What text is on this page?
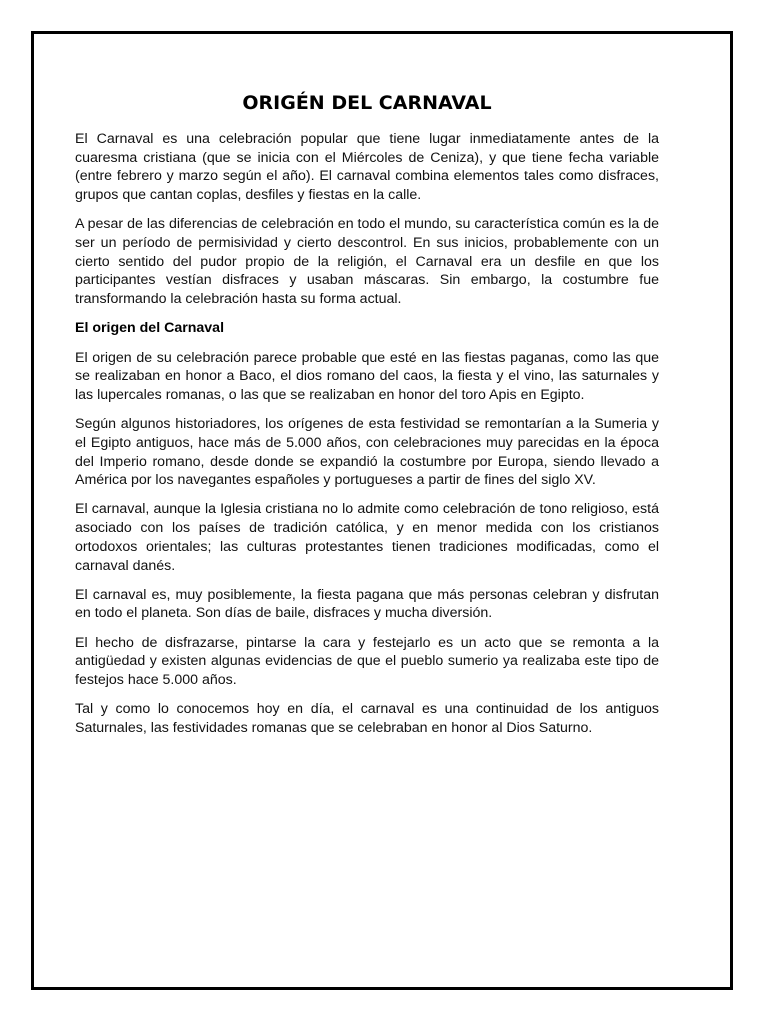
ORIGÉN DEL CARNAVAL

El Carnaval es una celebración popular que tiene lugar inmediatamente antes de la cuaresma cristiana (que se inicia con el Miércoles de Ceniza), y que tiene fecha variable (entre febrero y marzo según el año). El carnaval combina elementos tales como disfraces, grupos que cantan coplas, desfiles y fiestas en la calle.

A pesar de las diferencias de celebración en todo el mundo, su característica común es la de ser un período de permisividad y cierto descontrol. En sus inicios, probablemente con un cierto sentido del pudor propio de la religión, el Carnaval era un desfile en que los participantes vestían disfraces y usaban máscaras. Sin embargo, la costumbre fue transformando la celebración hasta su forma actual.

El origen del Carnaval

El origen de su celebración parece probable que esté en las fiestas paganas, como las que se realizaban en honor a Baco, el dios romano del caos, la fiesta y el vino, las saturnales y las lupercales romanas, o las que se realizaban en honor del toro Apis en Egipto.

Según algunos historiadores, los orígenes de esta festividad se remontarían a la Sumeria y el Egipto antiguos, hace más de 5.000 años, con celebraciones muy parecidas en la época del Imperio romano, desde donde se expandió la costumbre por Europa, siendo llevado a América por los navegantes españoles y portugueses a partir de fines del siglo XV.

El carnaval, aunque la Iglesia cristiana no lo admite como celebración de tono religioso, está asociado con los países de tradición católica, y en menor medida con los cristianos ortodoxos orientales; las culturas protestantes tienen tradiciones modificadas, como el carnaval danés.

El carnaval es, muy posiblemente, la fiesta pagana que más personas celebran y disfrutan en todo el planeta. Son días de baile, disfraces y mucha diversión.

El hecho de disfrazarse, pintarse la cara y festejarlo es un acto que se remonta a la antigüedad y existen algunas evidencias de que el pueblo sumerio ya realizaba este tipo de festejos hace 5.000 años.

Tal y como lo conocemos hoy en día, el carnaval es una continuidad de los antiguos Saturnales, las festividades romanas que se celebraban en honor al Dios Saturno.
